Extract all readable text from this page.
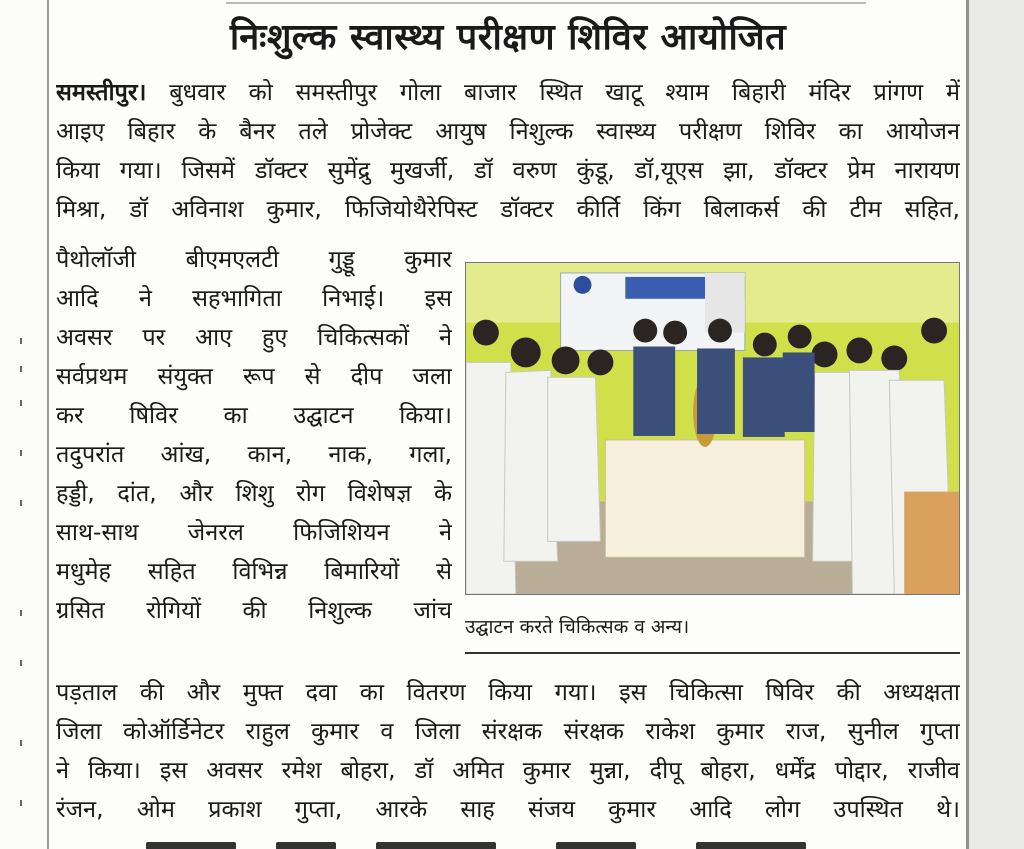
निःशुल्क स्वास्थ्य परीक्षण शिविर आयोजित

समस्तीपुर। बुधवार को समस्तीपुर गोला बाजार स्थित खाटू श्याम बिहारी मंदिर प्रांगण में

आइए बिहार के बैनर तले प्रोजेक्ट आयुष निशुल्क स्वास्थ्य परीक्षण शिविर का आयोजन

किया गया। जिसमें डॉक्टर सुमेंद्रु मुखर्जी, डॉ वरुण कुंडू, डॉ,यूएस झा, डॉक्टर प्रेम नारायण

मिश्रा, डॉ अविनाश कुमार, फिजियोथैरेपिस्ट डॉक्टर कीर्ति किंग बिलाकर्स की टीम सहित,

पैथोलॉजी बीएमएलटी गुड्डू कुमार

आदि ने सहभागिता निभाई। इस

अवसर पर आए हुए चिकित्सकों ने

सर्वप्रथम संयुक्त रूप से दीप जला

कर षिविर का उद्घाटन किया।

तदुपरांत आंख, कान, नाक, गला,

हड्डी, दांत, और शिशु रोग विशेषज्ञ के

साथ-साथ जेनरल फिजिशियन ने

मधुमेह सहित विभिन्न बिमारियों से

ग्रसित रोगियों की निशुल्क जांच

उद्घाटन करते चिकित्सक व अन्य।

पड़ताल की और मुफ्त दवा का वितरण किया गया। इस चिकित्सा षिविर की अध्यक्षता

जिला कोऑर्डिनेटर राहुल कुमार व जिला संरक्षक संरक्षक राकेश कुमार राज, सुनील गुप्ता

ने किया। इस अवसर रमेश बोहरा, डॉ अमित कुमार मुन्ना, दीपू बोहरा, धर्मेंद्र पोद्दार, राजीव

रंजन, ओम प्रकाश गुप्ता, आरके साह संजय कुमार आदि लोग उपस्थित थे।
